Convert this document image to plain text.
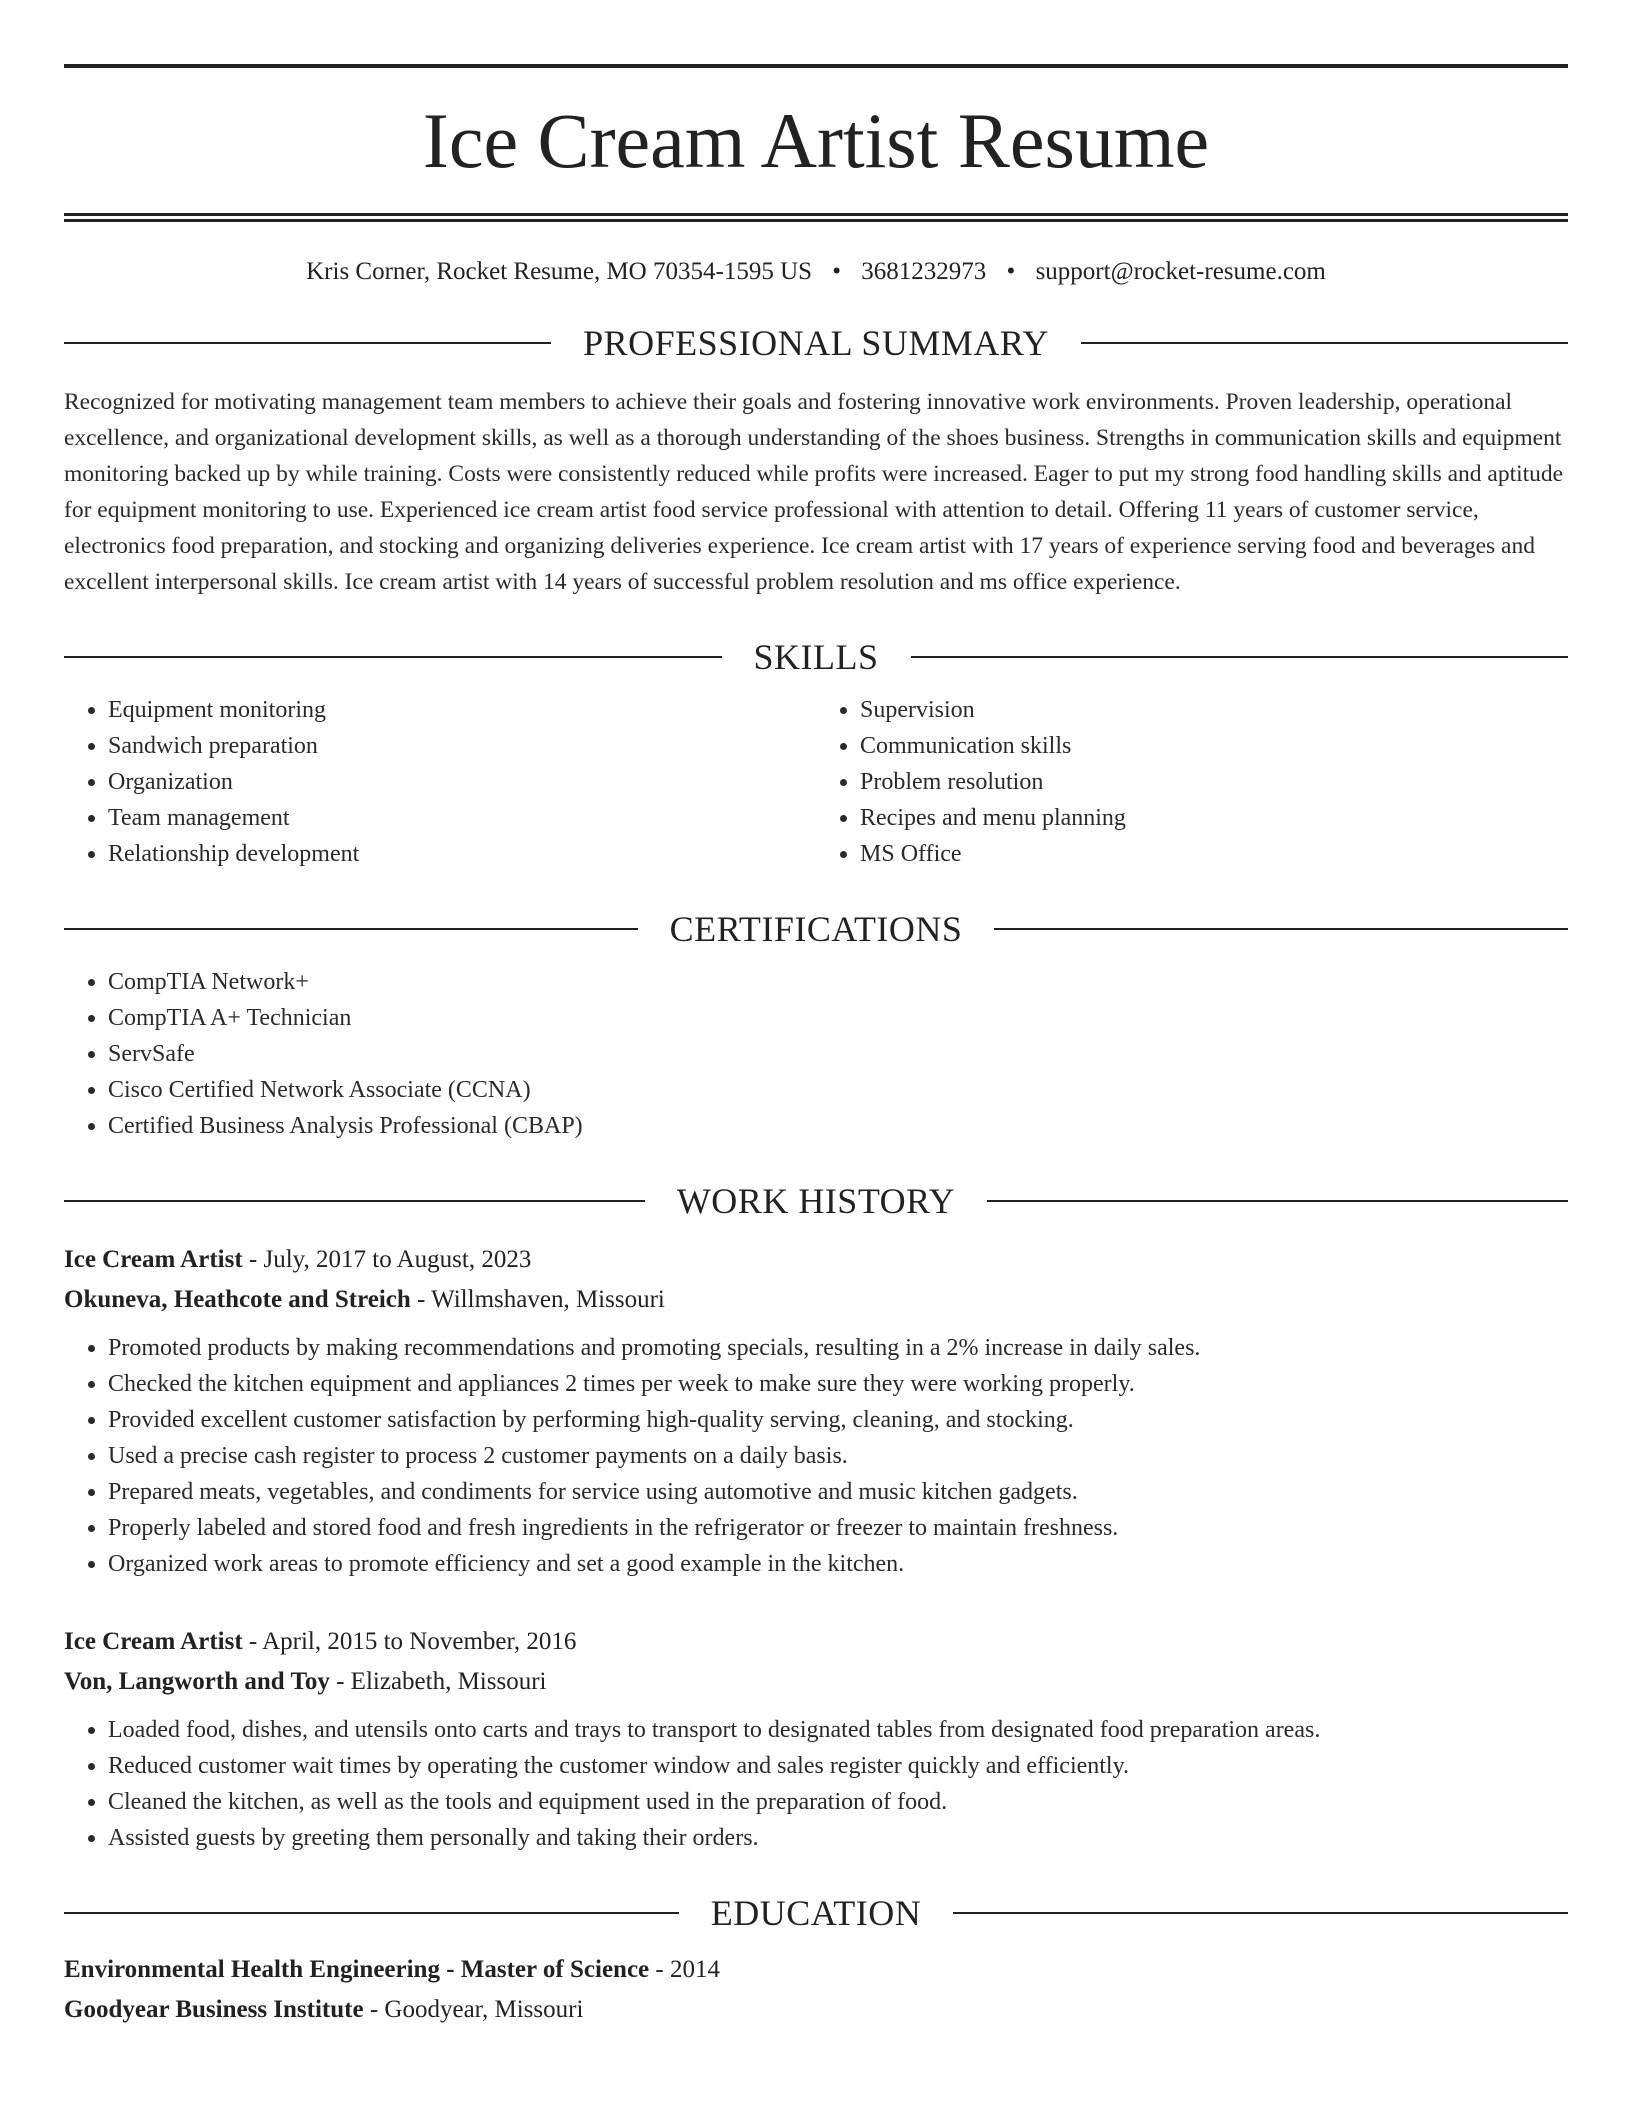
Ice Cream Artist Resume
Kris Corner, Rocket Resume, MO 70354-1595 US • 3681232973 • support@rocket-resume.com
PROFESSIONAL SUMMARY
Recognized for motivating management team members to achieve their goals and fostering innovative work environments. Proven leadership, operational excellence, and organizational development skills, as well as a thorough understanding of the shoes business. Strengths in communication skills and equipment monitoring backed up by while training. Costs were consistently reduced while profits were increased. Eager to put my strong food handling skills and aptitude for equipment monitoring to use. Experienced ice cream artist food service professional with attention to detail. Offering 11 years of customer service, electronics food preparation, and stocking and organizing deliveries experience. Ice cream artist with 17 years of experience serving food and beverages and excellent interpersonal skills. Ice cream artist with 14 years of successful problem resolution and ms office experience.
SKILLS
• Equipment monitoring
• Sandwich preparation
• Organization
• Team management
• Relationship development
• Supervision
• Communication skills
• Problem resolution
• Recipes and menu planning
• MS Office
CERTIFICATIONS
• CompTIA Network+
• CompTIA A+ Technician
• ServSafe
• Cisco Certified Network Associate (CCNA)
• Certified Business Analysis Professional (CBAP)
WORK HISTORY
Ice Cream Artist - July, 2017 to August, 2023
Okuneva, Heathcote and Streich - Willmshaven, Missouri
• Promoted products by making recommendations and promoting specials, resulting in a 2% increase in daily sales.
• Checked the kitchen equipment and appliances 2 times per week to make sure they were working properly.
• Provided excellent customer satisfaction by performing high-quality serving, cleaning, and stocking.
• Used a precise cash register to process 2 customer payments on a daily basis.
• Prepared meats, vegetables, and condiments for service using automotive and music kitchen gadgets.
• Properly labeled and stored food and fresh ingredients in the refrigerator or freezer to maintain freshness.
• Organized work areas to promote efficiency and set a good example in the kitchen.
Ice Cream Artist - April, 2015 to November, 2016
Von, Langworth and Toy - Elizabeth, Missouri
• Loaded food, dishes, and utensils onto carts and trays to transport to designated tables from designated food preparation areas.
• Reduced customer wait times by operating the customer window and sales register quickly and efficiently.
• Cleaned the kitchen, as well as the tools and equipment used in the preparation of food.
• Assisted guests by greeting them personally and taking their orders.
EDUCATION
Environmental Health Engineering - Master of Science - 2014
Goodyear Business Institute - Goodyear, Missouri
